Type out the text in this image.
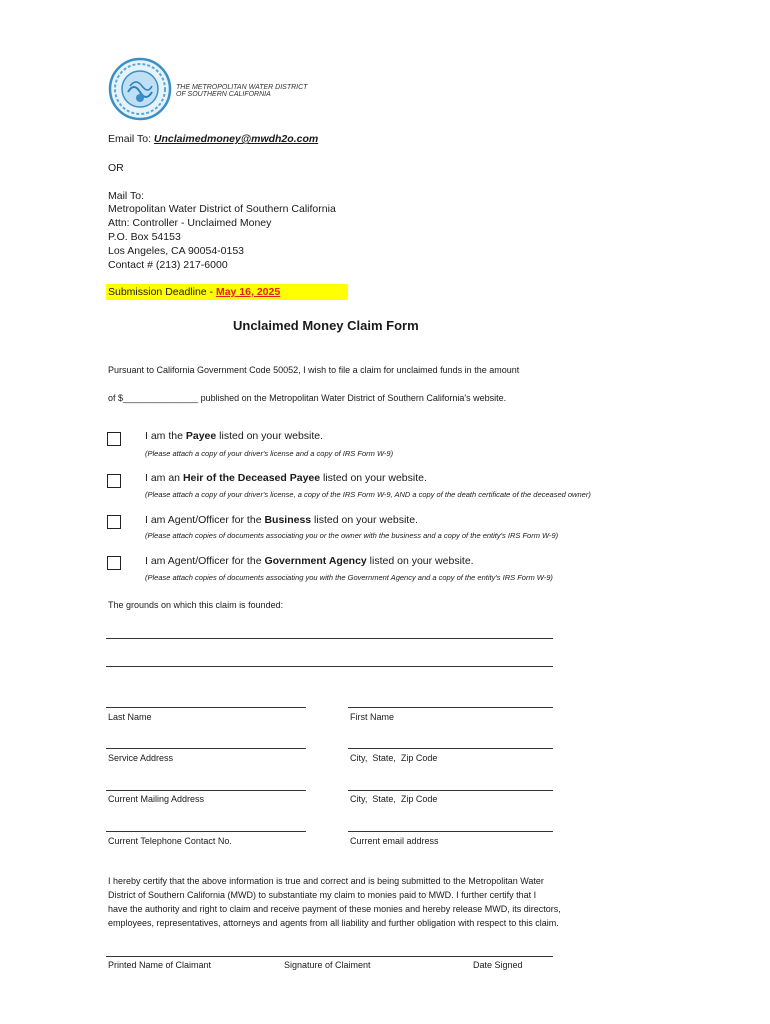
THE METROPOLITAN WATER DISTRICT
OF SOUTHERN CALIFORNIA
Email To: Unclaimedmoney@mwdh2o.com
OR
Mail To:
Metropolitan Water District of Southern California
Attn: Controller - Unclaimed Money
P.O. Box 54153
Los Angeles, CA 90054-0153
Contact # (213) 217-6000
Submission Deadline - May 16, 2025
Unclaimed Money Claim Form
Pursuant to California Government Code 50052, I wish to file a claim for unclaimed funds in the amount
of $_______________ published on the Metropolitan Water District of Southern California's website.
I am the Payee listed on your website.
(Please attach a copy of your driver's license and a copy of IRS Form W-9)
I am an Heir of the Deceased Payee listed on your website.
(Please attach a copy of your driver's license, a copy of the IRS Form W-9, AND a copy of the death certificate of the deceased owner)
I am Agent/Officer for the Business listed on your website.
(Please attach copies of documents associating you or the owner with the business and a copy of the entity's IRS Form W-9)
I am Agent/Officer for the Government Agency listed on your website.
(Please attach copies of documents associating you with the Government Agency and a copy of the entity's IRS Form W-9)
The grounds on which this claim is founded:
Last Name	First Name
Service Address	City,  State,  Zip Code
Current Mailing Address	City,  State,  Zip Code
Current Telephone Contact No.	Current email address
I hereby certify that the above information is true and correct and is being submitted to the Metropolitan Water
District of Southern California (MWD) to substantiate my claim to monies paid to MWD. I further certify that I
have the authority and right to claim and receive payment of these monies and hereby release MWD, its directors,
employees, representatives, attorneys and agents from all liability and further obligation with respect to this claim.
Printed Name of Claimant	Signature of Claiment	Date Signed
